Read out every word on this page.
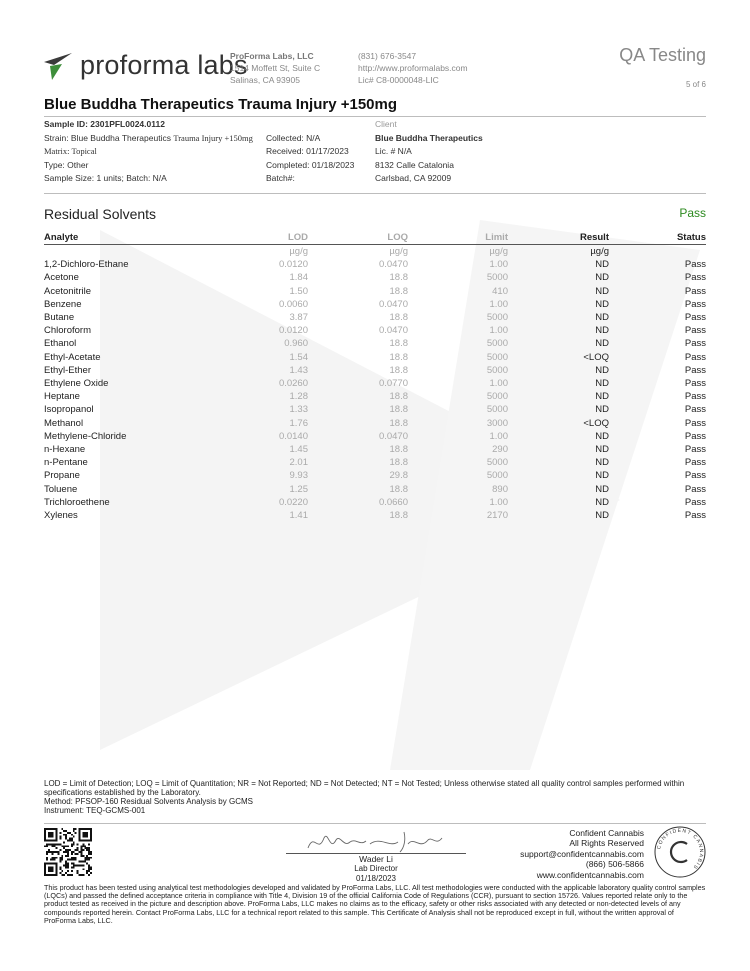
proforma labs
ProForma Labs, LLC
1514 Moffett St, Suite C
Salinas, CA 93905
(831) 676-3547
http://www.proformalabs.com
Lic# C8-0000048-LIC
QA Testing
5 of 6
Blue Buddha Therapeutics Trauma Injury +150mg
Sample ID: 2301PFL0024.0112
Strain: Blue Buddha Therapeutics Trauma Injury +150mg
Matrix: Topical
Type: Other
Sample Size: 1 units; Batch: N/A
Collected: N/A
Received: 01/17/2023
Completed: 01/18/2023
Batch#:
Client
Blue Buddha Therapeutics
Lic. # N/A
8132 Calle Catalonia
Carlsbad, CA 92009
Residual Solvents	Pass
Analyte	LOD	LOQ	Limit	Result	Status
	µg/g	µg/g	µg/g	µg/g	
1,2-Dichloro-Ethane	0.0120	0.0470	1.00	ND	Pass
Acetone	1.84	18.8	5000	ND	Pass
Acetonitrile	1.50	18.8	410	ND	Pass
Benzene	0.0060	0.0470	1.00	ND	Pass
Butane	3.87	18.8	5000	ND	Pass
Chloroform	0.0120	0.0470	1.00	ND	Pass
Ethanol	0.960	18.8	5000	ND	Pass
Ethyl-Acetate	1.54	18.8	5000	<LOQ	Pass
Ethyl-Ether	1.43	18.8	5000	ND	Pass
Ethylene Oxide	0.0260	0.0770	1.00	ND	Pass
Heptane	1.28	18.8	5000	ND	Pass
Isopropanol	1.33	18.8	5000	ND	Pass
Methanol	1.76	18.8	3000	<LOQ	Pass
Methylene-Chloride	0.0140	0.0470	1.00	ND	Pass
n-Hexane	1.45	18.8	290	ND	Pass
n-Pentane	2.01	18.8	5000	ND	Pass
Propane	9.93	29.8	5000	ND	Pass
Toluene	1.25	18.8	890	ND	Pass
Trichloroethene	0.0220	0.0660	1.00	ND	Pass
Xylenes	1.41	18.8	2170	ND	Pass
LOD = Limit of Detection; LOQ = Limit of Quantitation; NR = Not Reported; ND = Not Detected; NT = Not Tested; Unless otherwise stated all quality control samples performed within specifications established by the Laboratory.
Method: PFSOP-160 Residual Solvents Analysis by GCMS
Instrument: TEQ-GCMS-001
Wader Li
Lab Director
01/18/2023
Confident Cannabis
All Rights Reserved
support@confidentcannabis.com
(866) 506-5866
www.confidentcannabis.com
CONFIDENT CANNABIS
This product has been tested using analytical test methodologies developed and validated by ProForma Labs, LLC. All test methodologies were conducted with the applicable laboratory quality control samples (LQCs) and passed the defined acceptance criteria in compliance with Title 4, Division 19 of the official California Code of Regulations (CCR), pursuant to section 15726. Values reported relate only to the product tested as received in the picture and description above. ProForma Labs, LLC makes no claims as to the efficacy, safety or other risks associated with any detected or non-detected levels of any compounds reported herein. Contact ProForma Labs, LLC for a technical report related to this sample. This Certificate of Analysis shall not be reproduced except in full, without the written approval of ProForma Labs, LLC.
